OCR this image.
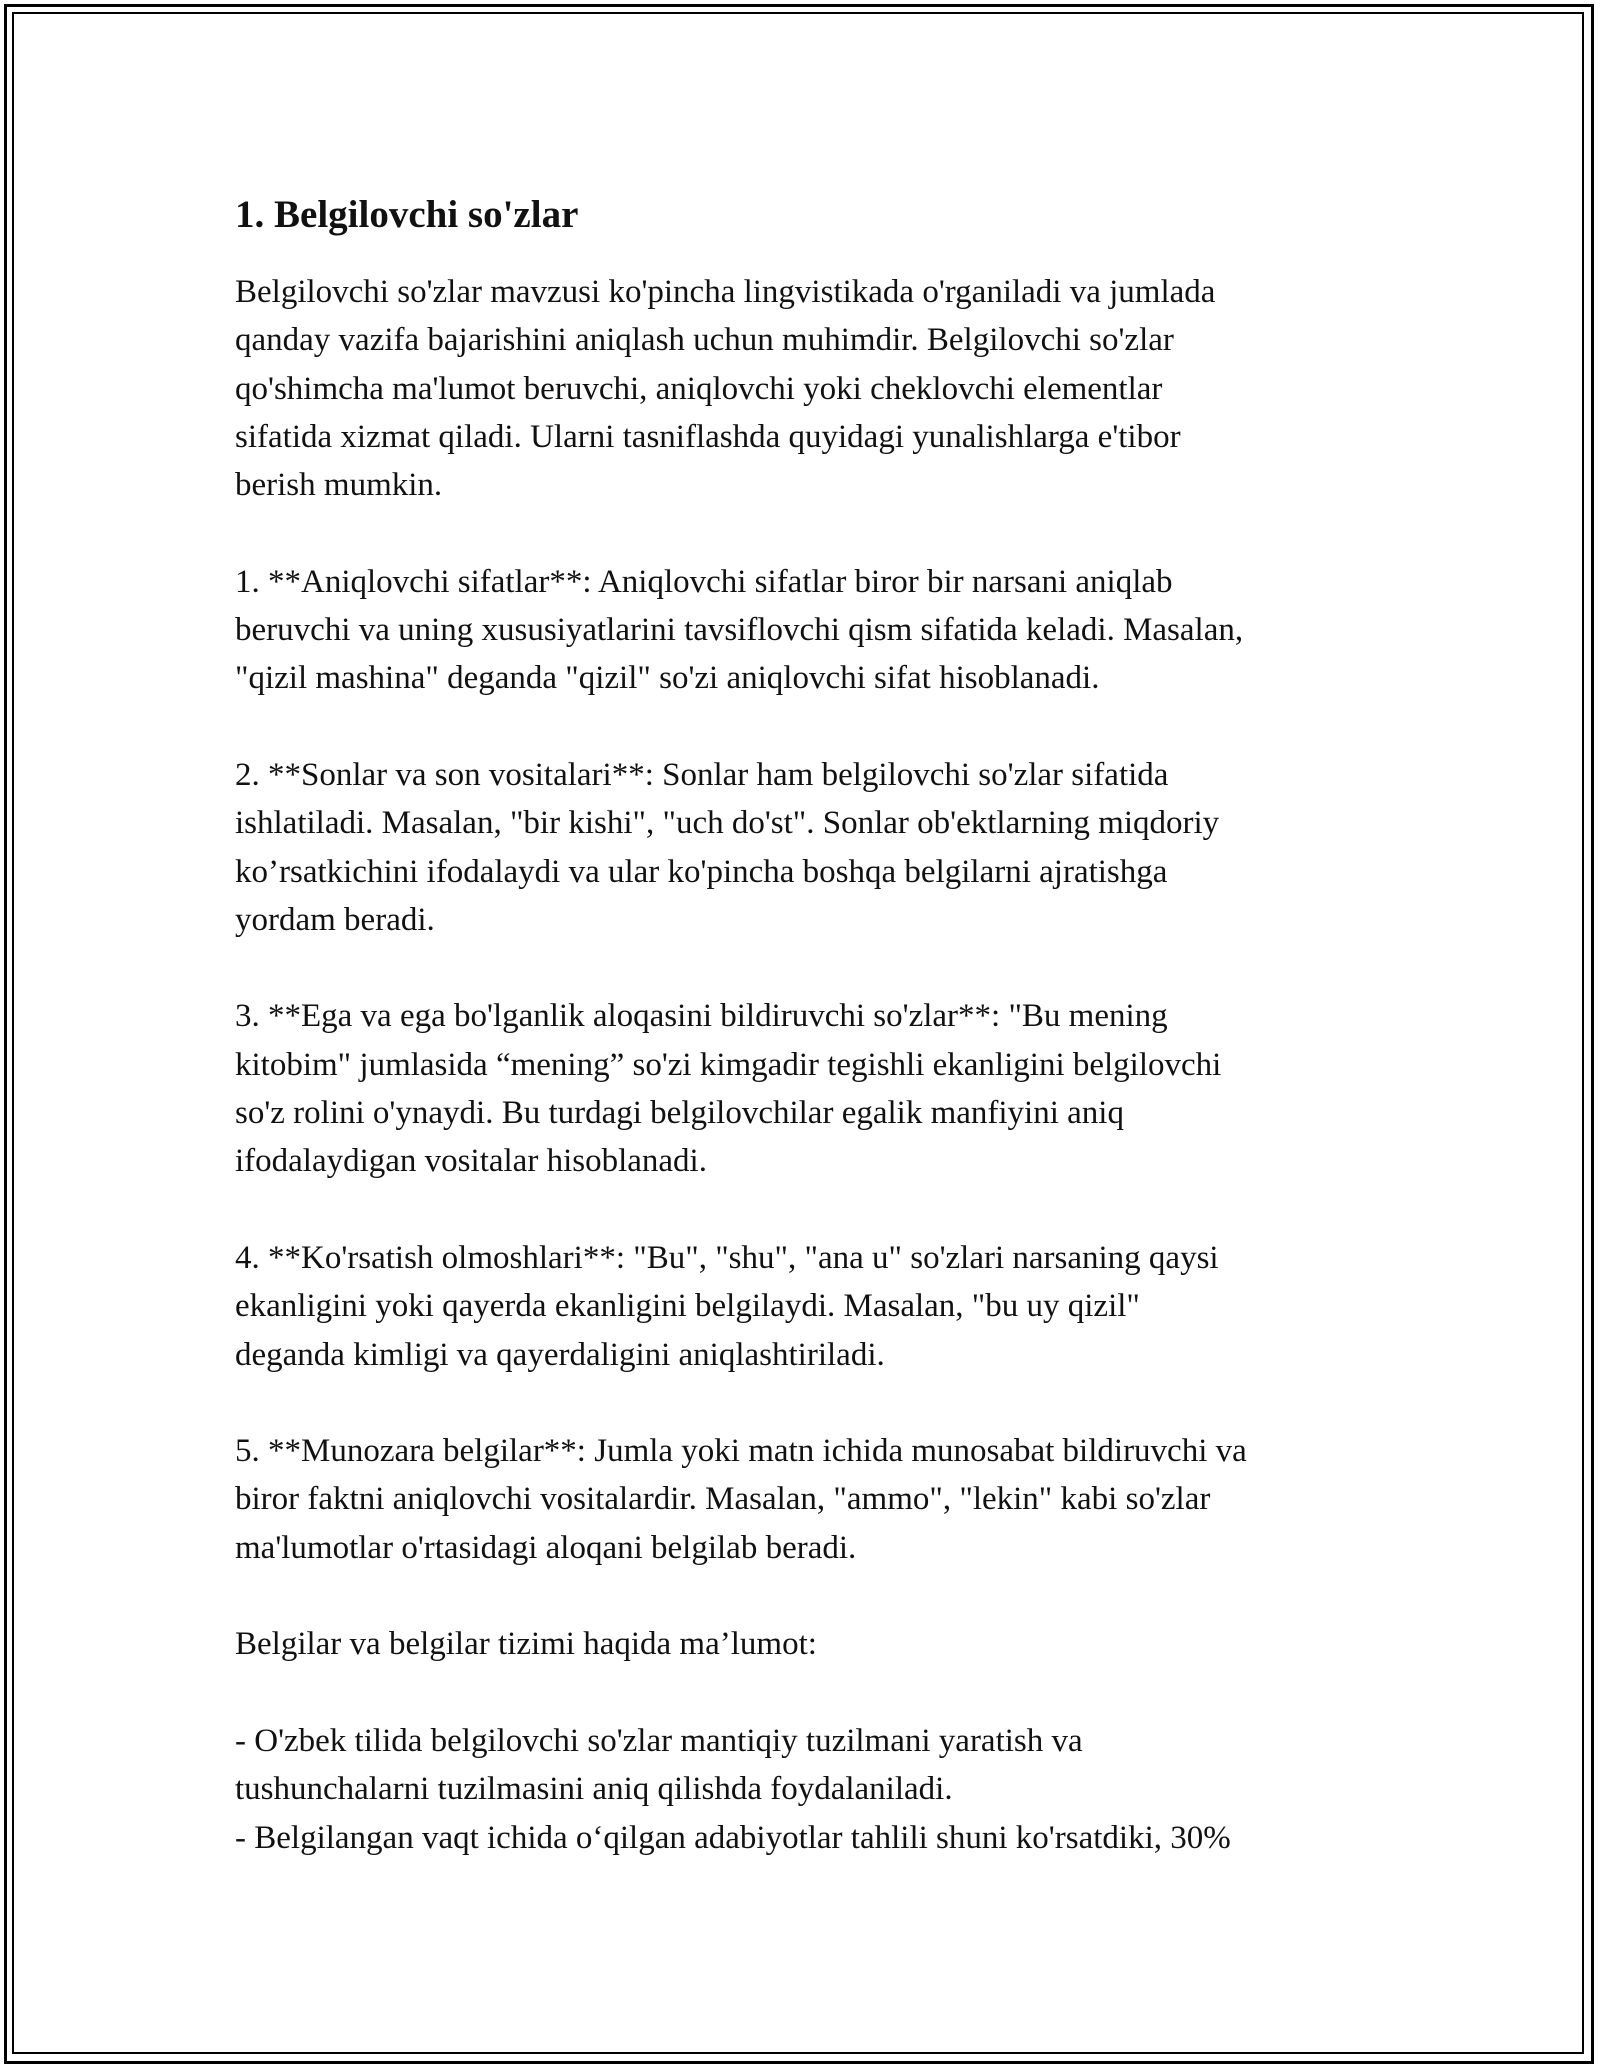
1. Belgilovchi so'zlar

Belgilovchi so'zlar mavzusi ko'pincha lingvistikada o'rganiladi va jumlada
qanday vazifa bajarishini aniqlash uchun muhimdir. Belgilovchi so'zlar
qo'shimcha ma'lumot beruvchi, aniqlovchi yoki cheklovchi elementlar
sifatida xizmat qiladi. Ularni tasniflashda quyidagi yunalishlarga e'tibor
berish mumkin.

1. **Aniqlovchi sifatlar**: Aniqlovchi sifatlar biror bir narsani aniqlab
beruvchi va uning xususiyatlarini tavsiflovchi qism sifatida keladi. Masalan,
"qizil mashina" deganda "qizil" so'zi aniqlovchi sifat hisoblanadi.

2. **Sonlar va son vositalari**: Sonlar ham belgilovchi so'zlar sifatida
ishlatiladi. Masalan, "bir kishi", "uch do'st". Sonlar ob'ektlarning miqdoriy
ko’rsatkichini ifodalaydi va ular ko'pincha boshqa belgilarni ajratishga
yordam beradi.

3. **Ega va ega bo'lganlik aloqasini bildiruvchi so'zlar**: "Bu mening
kitobim" jumlasida “mening” so'zi kimgadir tegishli ekanligini belgilovchi
so'z rolini o'ynaydi. Bu turdagi belgilovchilar egalik manfiyini aniq
ifodalaydigan vositalar hisoblanadi.

4. **Ko'rsatish olmoshlari**: "Bu", "shu", "ana u" so'zlari narsaning qaysi
ekanligini yoki qayerda ekanligini belgilaydi. Masalan, "bu uy qizil"
deganda kimligi va qayerdaligini aniqlashtiriladi.

5. **Munozara belgilar**: Jumla yoki matn ichida munosabat bildiruvchi va
biror faktni aniqlovchi vositalardir. Masalan, "ammo", "lekin" kabi so'zlar
ma'lumotlar o'rtasidagi aloqani belgilab beradi.

Belgilar va belgilar tizimi haqida ma’lumot:

- O'zbek tilida belgilovchi so'zlar mantiqiy tuzilmani yaratish va
tushunchalarni tuzilmasini aniq qilishda foydalaniladi.
- Belgilangan vaqt ichida o‘qilgan adabiyotlar tahlili shuni ko'rsatdiki, 30%
